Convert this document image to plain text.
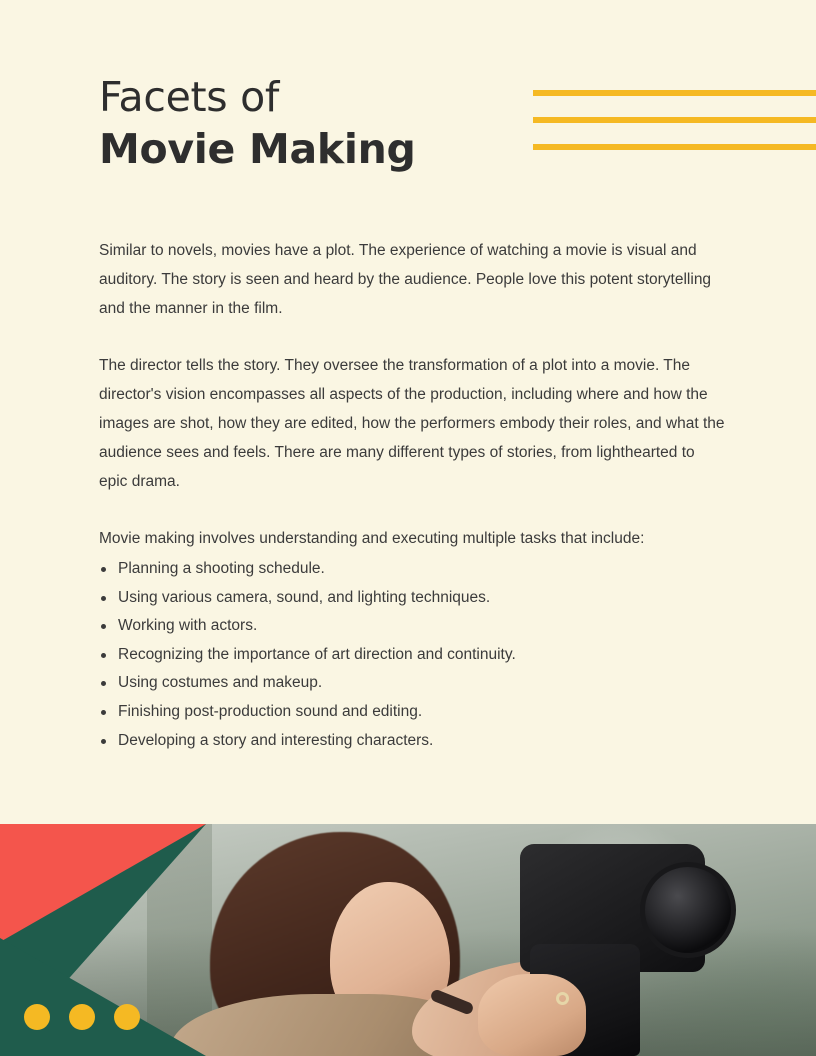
Facets of
Movie Making

Similar to novels, movies have a plot. The experience of watching a movie is visual and auditory. The story is seen and heard by the audience. People love this potent storytelling and the manner in the film.

The director tells the story. They oversee the transformation of a plot into a movie. The director's vision encompasses all aspects of the production, including where and how the images are shot, how they are edited, how the performers embody their roles, and what the audience sees and feels. There are many different types of stories, from lighthearted to epic drama.

Movie making involves understanding and executing multiple tasks that include:

Planning a shooting schedule.
Using various camera, sound, and lighting techniques.
Working with actors.
Recognizing the importance of art direction and continuity.
Using costumes and makeup.
Finishing post-production sound and editing.
Developing a story and interesting characters.
